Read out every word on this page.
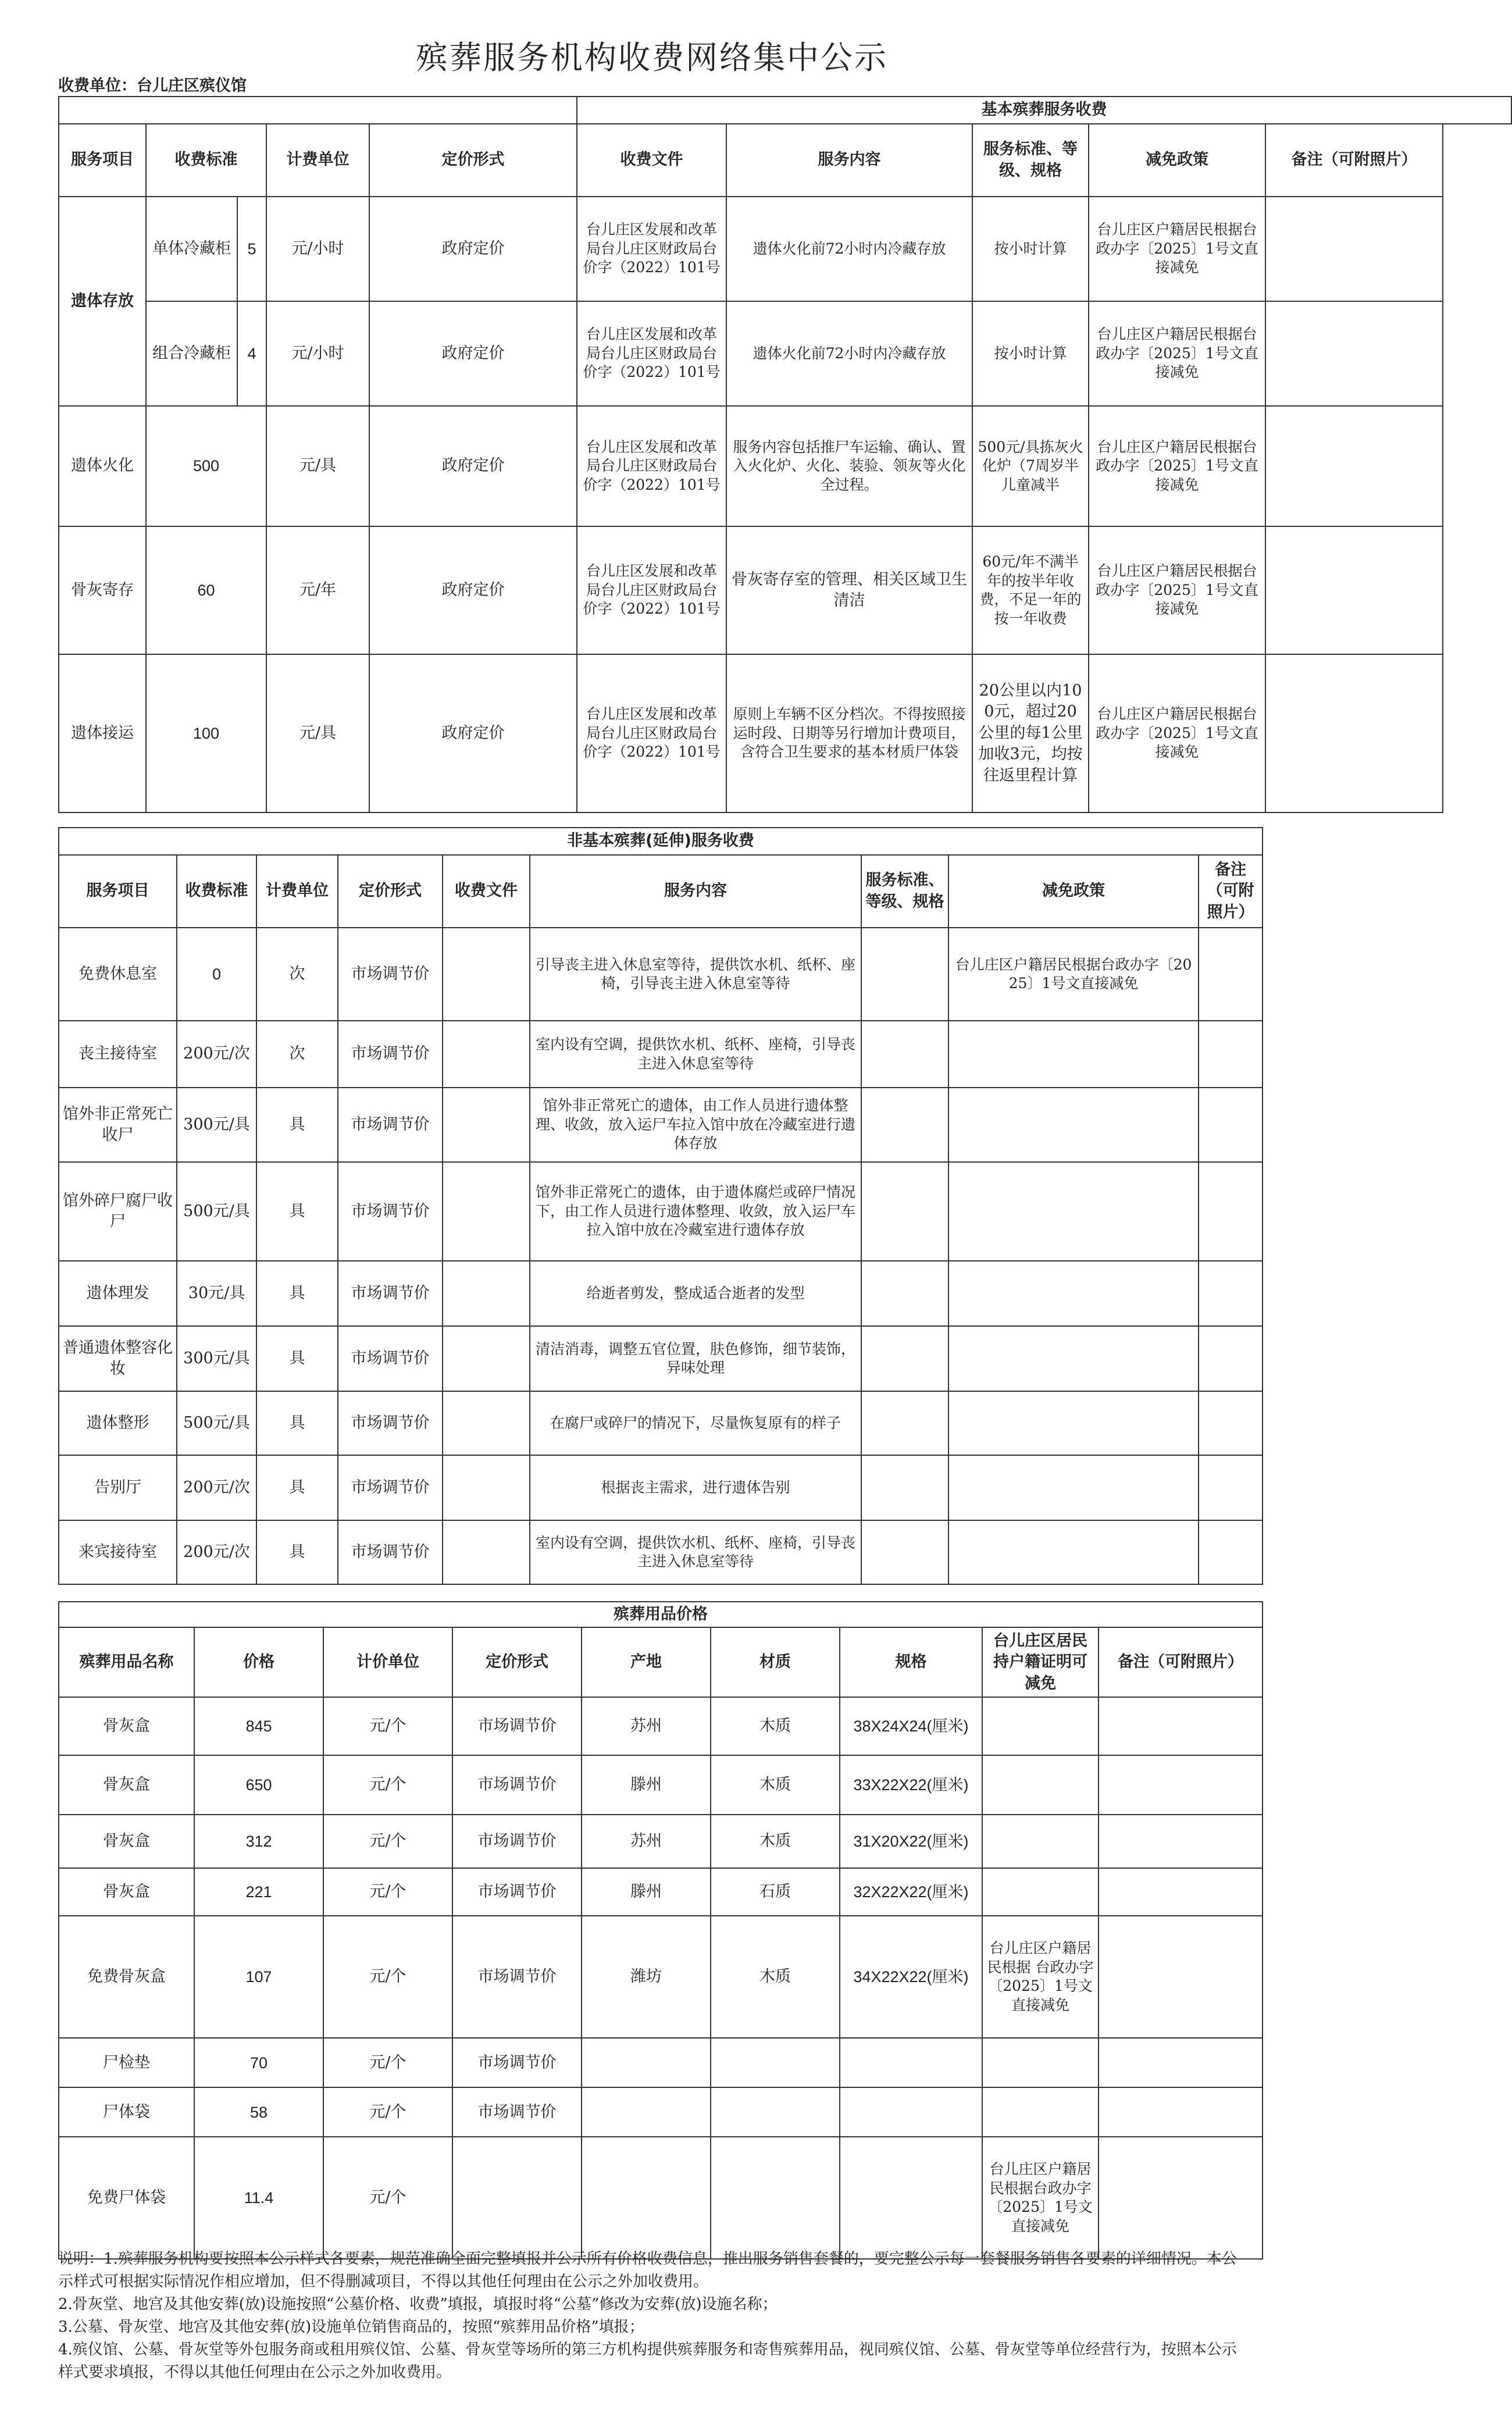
殡葬服务机构收费网络集中公示
收费单位：台儿庄区殡仪馆
					基本殡葬服务收费				
服务项目	收费标准		计费单位	定价形式	收费文件	服务内容	服务标准、等级、规格	减免政策	备注（可附照片）
遗体存放	单体冷藏柜	5	元/小时	政府定价	台儿庄区发展和改革局台儿庄区财政局台价字（2022）101号	遗体火化前72小时内冷藏存放	按小时计算	台儿庄区户籍居民根据台政办字〔2025〕1号文直接减免	
	组合冷藏柜	4	元/小时	政府定价	台儿庄区发展和改革局台儿庄区财政局台价字（2022）101号	遗体火化前72小时内冷藏存放	按小时计算	台儿庄区户籍居民根据台政办字〔2025〕1号文直接减免	
遗体火化	500		元/具	政府定价	台儿庄区发展和改革局台儿庄区财政局台价字（2022）101号	服务内容包括推尸车运输、确认、置入火化炉、火化、装验、领灰等火化全过程。	500元/具拣灰火化炉（7周岁半儿童减半	台儿庄区户籍居民根据台政办字〔2025〕1号文直接减免	
骨灰寄存	60		元/年	政府定价	台儿庄区发展和改革局台儿庄区财政局台价字（2022）101号	骨灰寄存室的管理、相关区域卫生清洁	60元/年不满半年的按半年收费，不足一年的按一年收费	台儿庄区户籍居民根据台政办字〔2025〕1号文直接减免	
遗体接运	100		元/具	政府定价	台儿庄区发展和改革局台儿庄区财政局台价字（2022）101号	原则上车辆不区分档次。不得按照接运时段、日期等另行增加计费项目，含符合卫生要求的基本材质尸体袋	20公里以内100元，超过20公里的每1公里加收3元，均按往返里程计算	台儿庄区户籍居民根据台政办字〔2025〕1号文直接减免	
非基本殡葬(延伸)服务收费								
服务项目	收费标准	计费单位	定价形式	收费文件	服务内容	服务标准、等级、规格	减免政策	备注（可附照片）
免费休息室	0	次	市场调节价		引导丧主进入休息室等待，提供饮水机、纸杯、座椅，引导丧主进入休息室等待		台儿庄区户籍居民根据台政办字〔2025〕1号文直接减免	
丧主接待室	200元/次	次	市场调节价		室内设有空调，提供饮水机、纸杯、座椅，引导丧主进入休息室等待			
馆外非正常死亡收尸	300元/具	具	市场调节价		馆外非正常死亡的遗体，由工作人员进行遗体整理、收敛，放入运尸车拉入馆中放在冷藏室进行遗体存放			
馆外碎尸腐尸收尸	500元/具	具	市场调节价		馆外非正常死亡的遗体，由于遗体腐烂或碎尸情况下，由工作人员进行遗体整理、收敛，放入运尸车拉入馆中放在冷藏室进行遗体存放			
遗体理发	30元/具	具	市场调节价		给逝者剪发，整成适合逝者的发型			
普通遗体整容化妆	300元/具	具	市场调节价		清洁消毒，调整五官位置，肤色修饰，细节装饰，异味处理			
遗体整形	500元/具	具	市场调节价		在腐尸或碎尸的情况下，尽量恢复原有的样子			
告别厅	200元/次	具	市场调节价		根据丧主需求，进行遗体告别			
来宾接待室	200元/次	具	市场调节价		室内设有空调，提供饮水机、纸杯、座椅，引导丧主进入休息室等待			
殡葬用品价格								
殡葬用品名称	价格	计价单位	定价形式	产地	材质	规格	台儿庄区居民持户籍证明可减免	备注（可附照片）
骨灰盒	845	元/个	市场调节价	苏州	木质	38X24X24(厘米)		
骨灰盒	650	元/个	市场调节价	滕州	木质	33X22X22(厘米)		
骨灰盒	312	元/个	市场调节价	苏州	木质	31X20X22(厘米)		
骨灰盒	221	元/个	市场调节价	滕州	石质	32X22X22(厘米)		
免费骨灰盒	107	元/个	市场调节价	潍坊	木质	34X22X22(厘米)	台儿庄区户籍居民根据 台政办字〔2025〕1号文直接减免	
尸检垫	70	元/个	市场调节价					
尸体袋	58	元/个	市场调节价					
免费尸体袋	11.4	元/个					台儿庄区户籍居民根据台政办字〔2025〕1号文直接减免	

说明：1.殡葬服务机构要按照本公示样式各要素，规范准确全面完整填报并公示所有价格收费信息，推出服务销售套餐的，要完整公示每一套餐服务销售各要素的详细情况。本公示样式可根据实际情况作相应增加，但不得删减项目，不得以其他任何理由在公示之外加收费用。

2.骨灰堂、地宫及其他安葬(放)设施按照“公墓价格、收费”填报，填报时将“公墓”修改为安葬(放)设施名称；

3.公墓、骨灰堂、地宫及其他安葬(放)设施单位销售商品的，按照“殡葬用品价格”填报；

4.殡仪馆、公墓、骨灰堂等外包服务商或租用殡仪馆、公墓、骨灰堂等场所的第三方机构提供殡葬服务和寄售殡葬用品，视同殡仪馆、公墓、骨灰堂等单位经营行为，按照本公示样式要求填报，不得以其他任何理由在公示之外加收费用。
